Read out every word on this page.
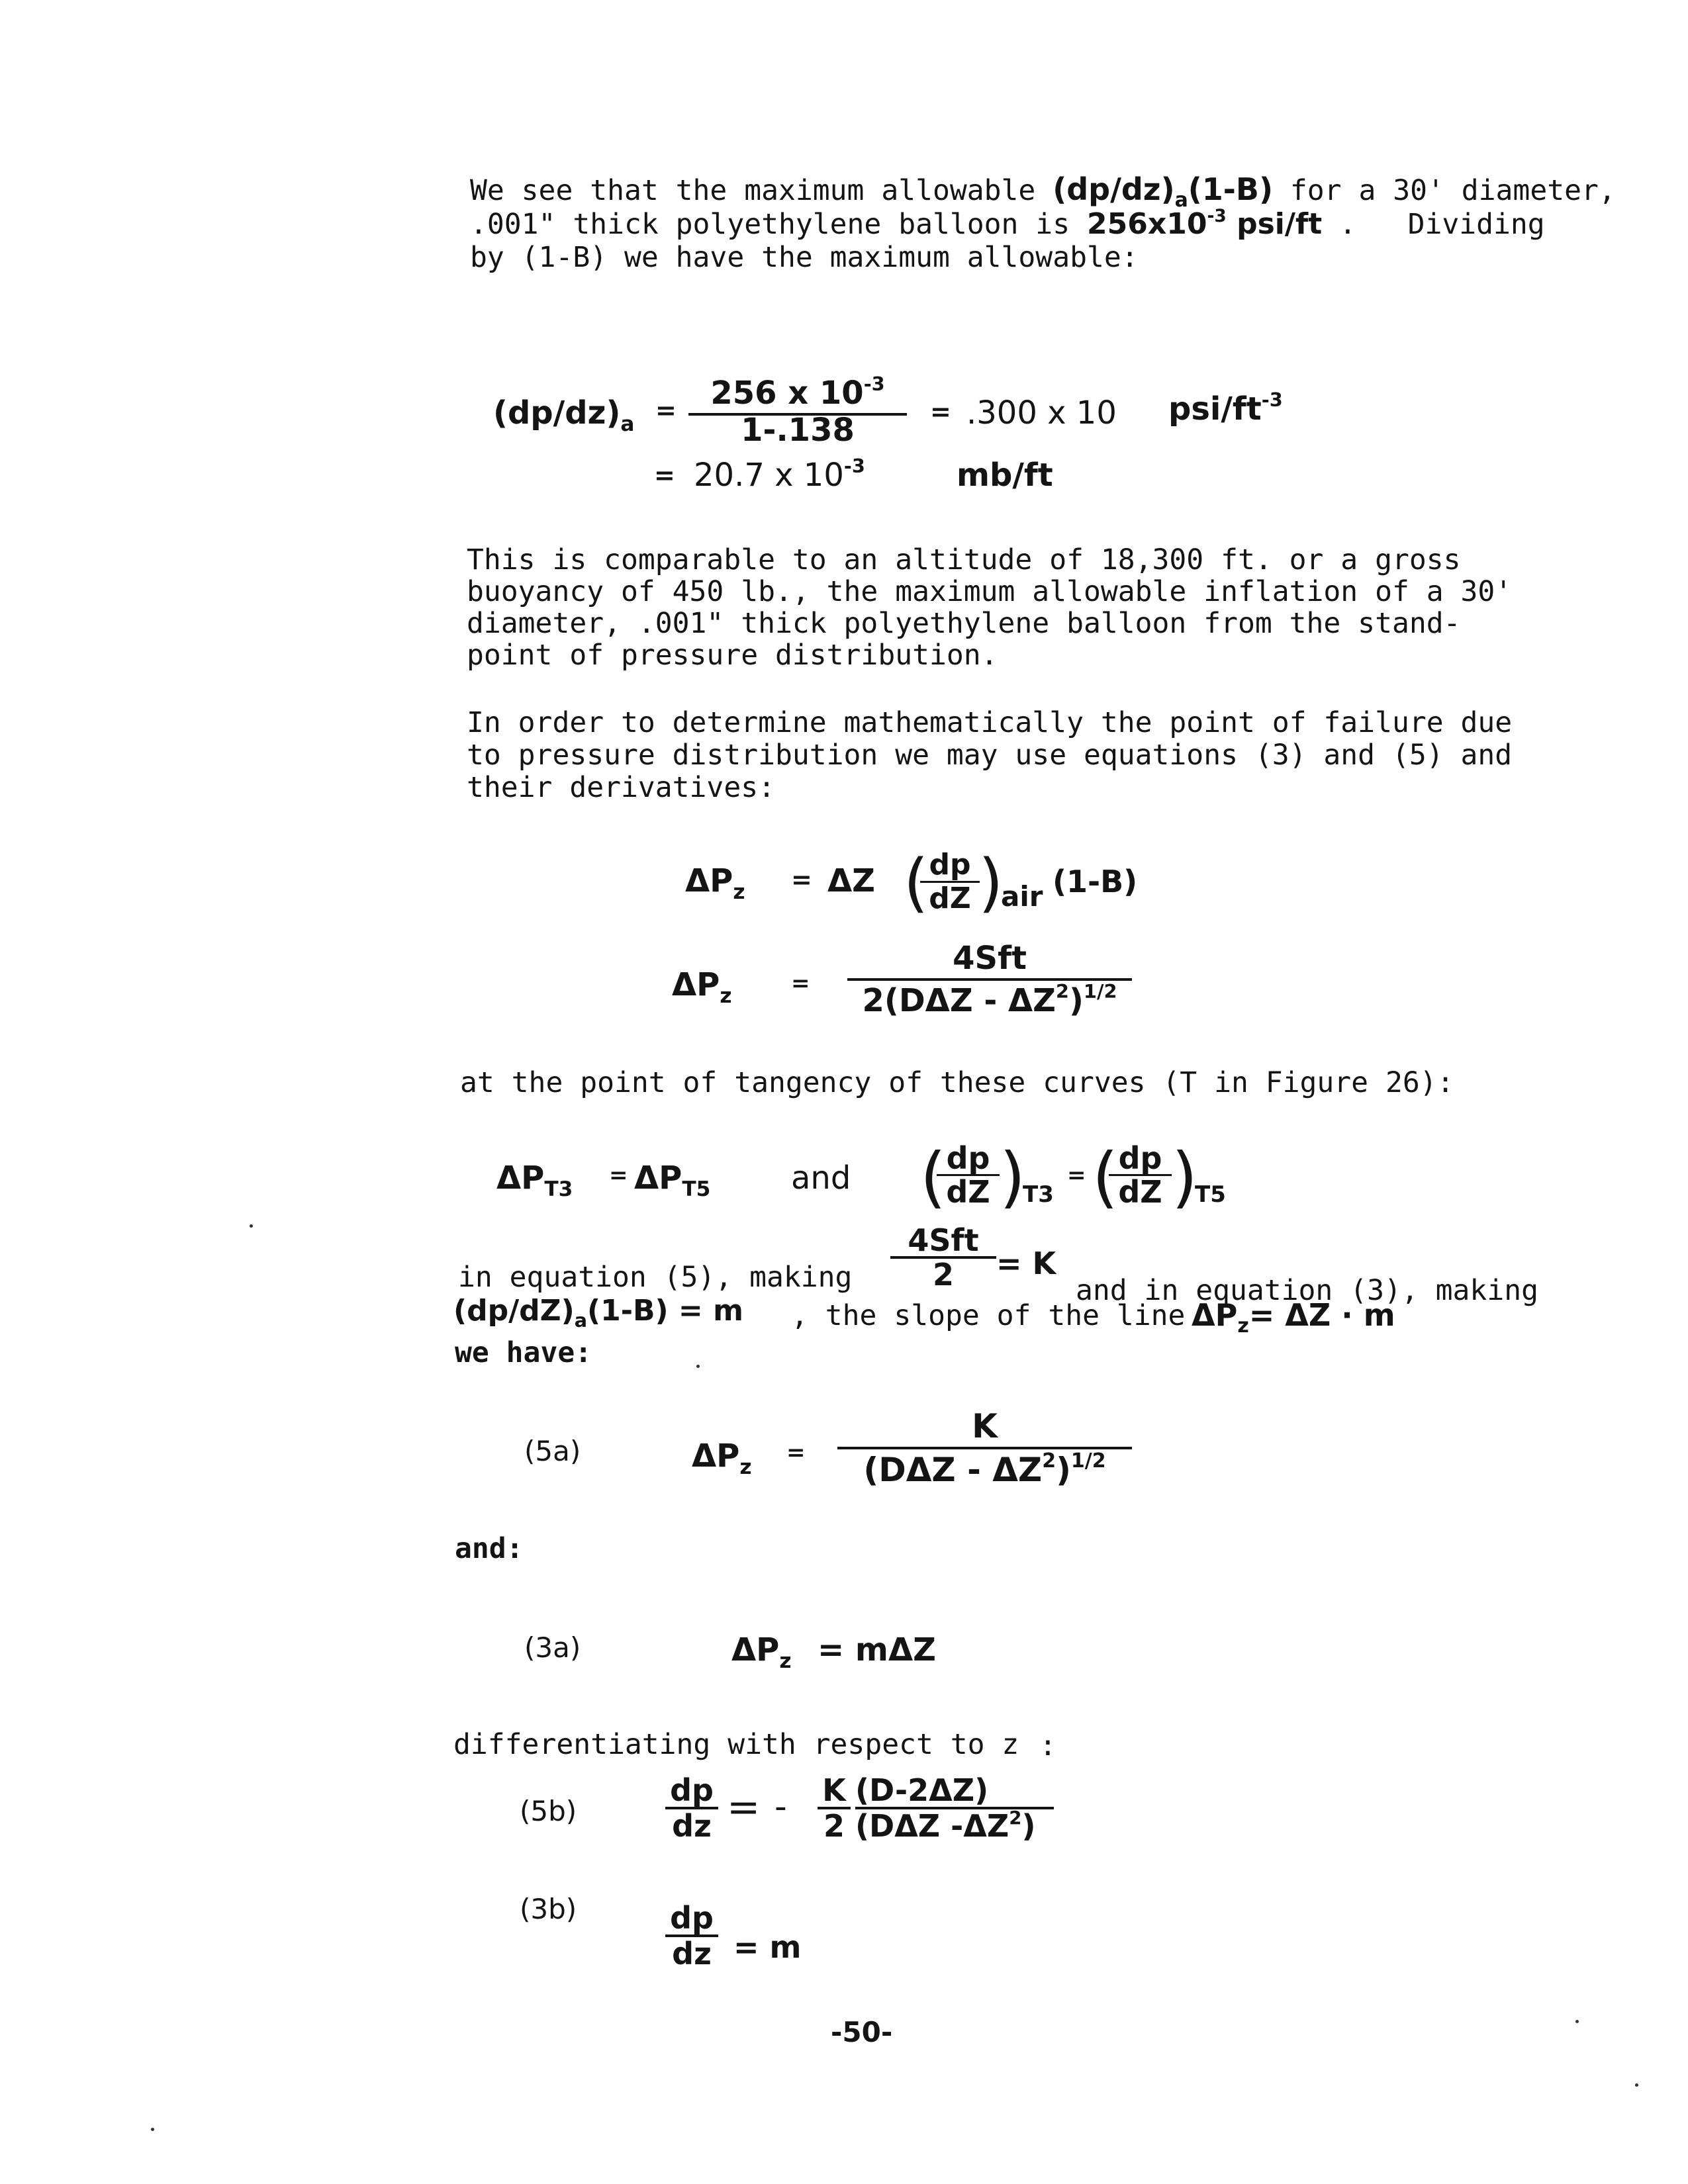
We see that the maximum allowable $(dp/dz)_a(1-B)$ for a 30' diameter,
.001" thick polyethylene balloon is $256x10^{-3}$ psi/ft .   Dividing
by (1-B) we have the maximum allowable:
$(dp/dz)_a$ =	256 x $10^{-3}$
1-.138	= .300 x 10 psi/$ft^{-3}$
= 20.7 x $10^{-3}$	mb/ft
This is comparable to an altitude of 18,300 ft. or a gross
buoyancy of 450 lb., the maximum allowable inflation of a 30'
diameter, .001" thick polyethylene balloon from the stand-
point of pressure distribution.
In order to determine mathematically the point of failure due
to pressure distribution we may use equations (3) and (5) and
their derivatives:
$\Delta P_z = \Delta Z$ ( dp
dZ )
air (1-B)
$\Delta P_z$	=
4Sft
$2(D\Delta Z - \Delta Z^2)^{1/2}$
at the point of tangency of these curves (T in Figure 26):
$\Delta P_{T3}$
= $\Delta P_{T5}$	and ( dp
dZ )
T3
= ( dp
dZ )
T5
4Sft
2	= K
in equation (5), making	and in equation (3), making
$(dp/dZ)_a(1-B) = m$ , the slope of the line $\Delta P_z= \Delta Z \cdot m$
we have:
(5a)	$\Delta P_z$
=
K
$(D\Delta Z - \Delta Z^2)^{1/2}$
and:
(3a)	$\Delta P_z = m\Delta Z$
differentiating with respect to z :
(5b)
dp
dz = - K
2
(D-2ΔZ)
(DΔZ $-\Delta Z^2$)
(3b)	dp
dz = m
-50-
